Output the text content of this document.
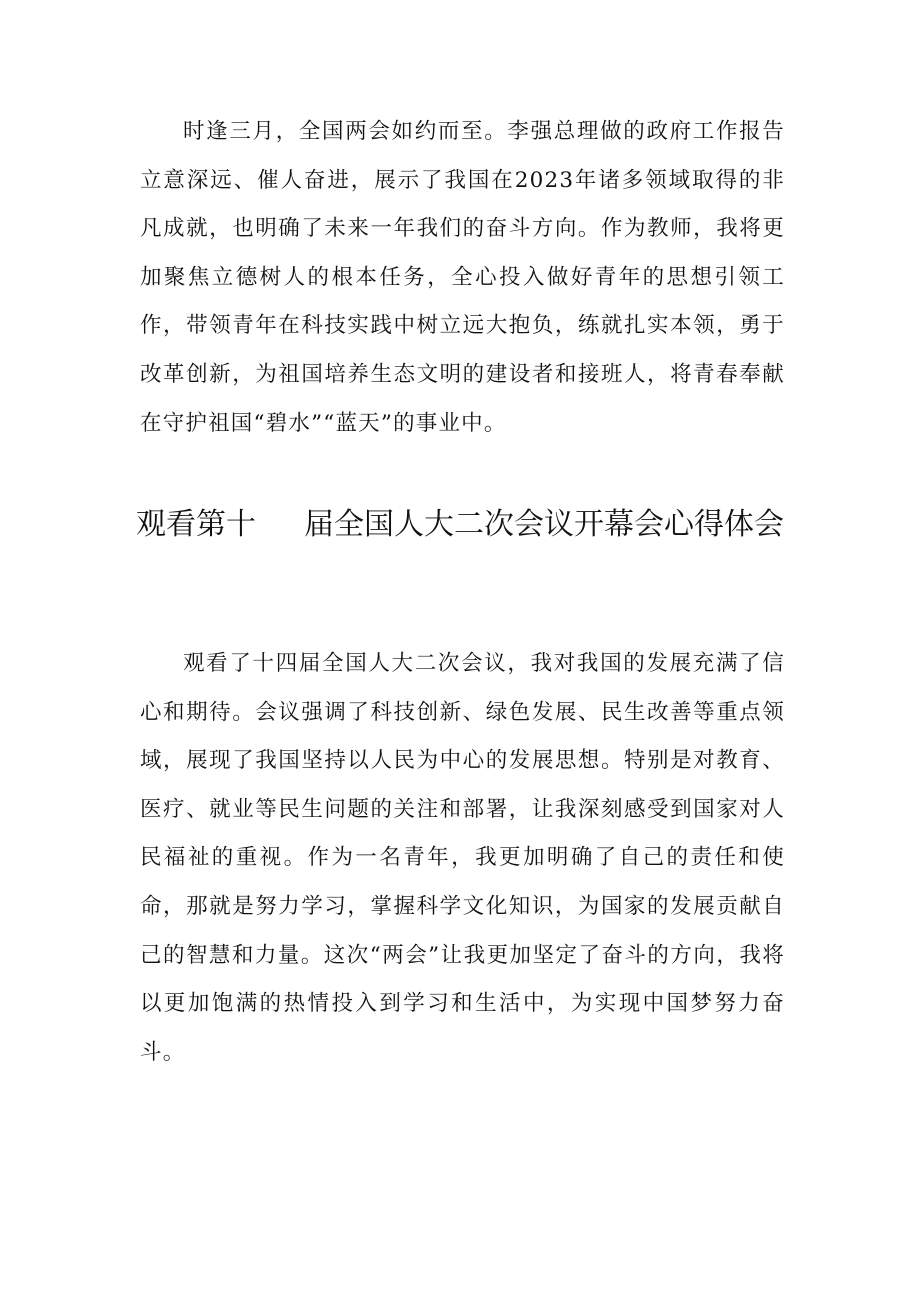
时逢三月，全国两会如约而至。李强总理做的政府工作报告立意深远、催人奋进，展示了我国在2023年诸多领域取得的非凡成就，也明确了未来一年我们的奋斗方向。作为教师，我将更加聚焦立德树人的根本任务，全心投入做好青年的思想引领工作，带领青年在科技实践中树立远大抱负，练就扎实本领，勇于改革创新，为祖国培养生态文明的建设者和接班人，将青春奉献在守护祖国“碧水”“蓝天”的事业中。

观看第十 届全国人大二次会议开幕会心得体会

观看了十四届全国人大二次会议，我对我国的发展充满了信心和期待。会议强调了科技创新、绿色发展、民生改善等重点领域，展现了我国坚持以人民为中心的发展思想。特别是对教育、医疗、就业等民生问题的关注和部署，让我深刻感受到国家对人民福祉的重视。作为一名青年，我更加明确了自己的责任和使命，那就是努力学习，掌握科学文化知识，为国家的发展贡献自己的智慧和力量。这次“两会”让我更加坚定了奋斗的方向，我将以更加饱满的热情投入到学习和生活中，为实现中国梦努力奋斗。
